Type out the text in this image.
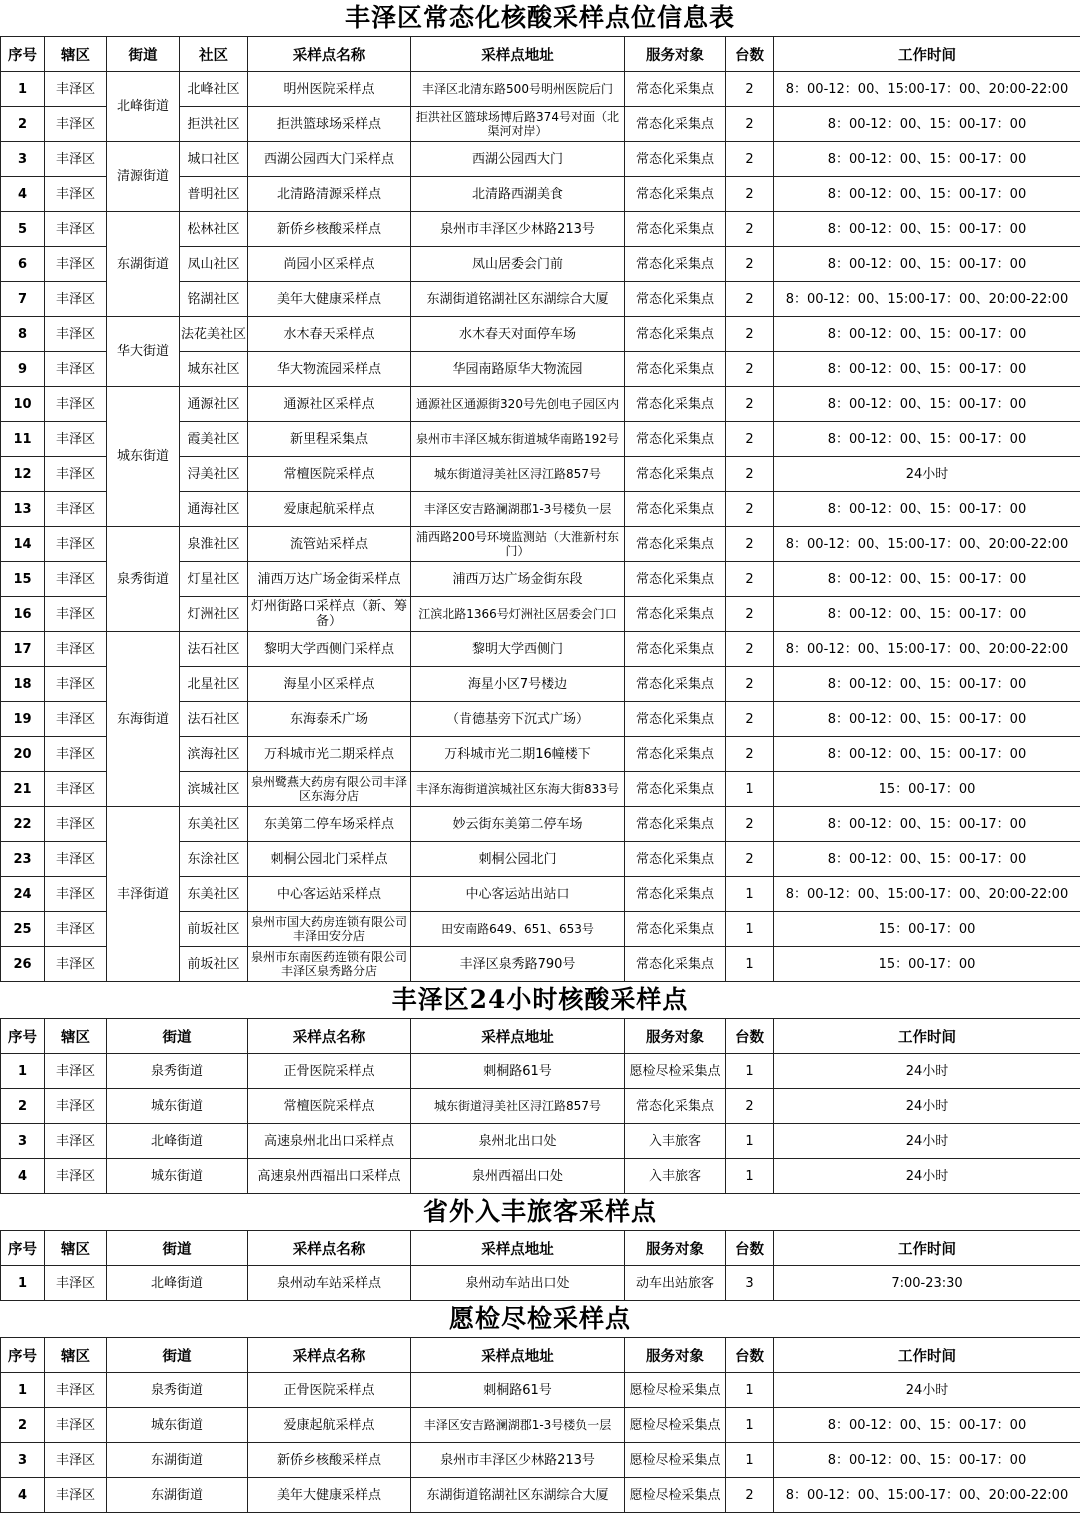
丰泽区常态化核酸采样点位信息表
序号	辖区	街道	社区	采样点名称	采样点地址	服务对象	台数	工作时间
1	丰泽区	北峰街道	北峰社区	明州医院采样点	丰泽区北清东路500号明州医院后门	常态化采集点	2	8：00-12：00、15:00-17：00、20:00-22:00
2	丰泽区		拒洪社区	拒洪篮球场采样点	拒洪社区篮球场博后路374号对面（北渠河对岸）	常态化采集点	2	8：00-12：00、15：00-17：00
3	丰泽区	清源街道	城口社区	西湖公园西大门采样点	西湖公园西大门	常态化采集点	2	8：00-12：00、15：00-17：00
4	丰泽区		普明社区	北清路清源采样点	北清路西湖美食	常态化采集点	2	8：00-12：00、15：00-17：00
5	丰泽区	东湖街道	松林社区	新侨乡核酸采样点	泉州市丰泽区少林路213号	常态化采集点	2	8：00-12：00、15：00-17：00
6	丰泽区		凤山社区	尚园小区采样点	凤山居委会门前	常态化采集点	2	8：00-12：00、15：00-17：00
7	丰泽区		铭湖社区	美年大健康采样点	东湖街道铭湖社区东湖综合大厦	常态化采集点	2	8：00-12：00、15:00-17：00、20:00-22:00
8	丰泽区	华大街道	法花美社区	水木春天采样点	水木春天对面停车场	常态化采集点	2	8：00-12：00、15：00-17：00
9	丰泽区		城东社区	华大物流园采样点	华园南路原华大物流园	常态化采集点	2	8：00-12：00、15：00-17：00
10	丰泽区	城东街道	通源社区	通源社区采样点	通源社区通源街320号先创电子园区内	常态化采集点	2	8：00-12：00、15：00-17：00
11	丰泽区		霞美社区	新里程采集点	泉州市丰泽区城东街道城华南路192号	常态化采集点	2	8：00-12：00、15：00-17：00
12	丰泽区		浔美社区	常檀医院采样点	城东街道浔美社区浔江路857号	常态化采集点	2	24小时
13	丰泽区		通海社区	爱康起航采样点	丰泽区安吉路澜湖郡1-3号楼负一层	常态化采集点	2	8：00-12：00、15：00-17：00
14	丰泽区	泉秀街道	泉淮社区	流管站采样点	浦西路200号环境监测站（大淮新村东门）	常态化采集点	2	8：00-12：00、15:00-17：00、20:00-22:00
15	丰泽区		灯星社区	浦西万达广场金街采样点	浦西万达广场金街东段	常态化采集点	2	8：00-12：00、15：00-17：00
16	丰泽区		灯洲社区	灯州街路口采样点（新、筹备）	江滨北路1366号灯洲社区居委会门口	常态化采集点	2	8：00-12：00、15：00-17：00
17	丰泽区	东海街道	法石社区	黎明大学西侧门采样点	黎明大学西侧门	常态化采集点	2	8：00-12：00、15:00-17：00、20:00-22:00
18	丰泽区		北星社区	海星小区采样点	海星小区7号楼边	常态化采集点	2	8：00-12：00、15：00-17：00
19	丰泽区		法石社区	东海泰禾广场	（肯德基旁下沉式广场）	常态化采集点	2	8：00-12：00、15：00-17：00
20	丰泽区		滨海社区	万科城市光二期采样点	万科城市光二期16幢楼下	常态化采集点	2	8：00-12：00、15：00-17：00
21	丰泽区		滨城社区	泉州鹭燕大药房有限公司丰泽区东海分店	丰泽东海街道滨城社区东海大街833号	常态化采集点	1	15：00-17：00
22	丰泽区	丰泽街道	东美社区	东美第二停车场采样点	妙云街东美第二停车场	常态化采集点	2	8：00-12：00、15：00-17：00
23	丰泽区		东涂社区	刺桐公园北门采样点	刺桐公园北门	常态化采集点	2	8：00-12：00、15：00-17：00
24	丰泽区		东美社区	中心客运站采样点	中心客运站出站口	常态化采集点	1	8：00-12：00、15:00-17：00、20:00-22:00
25	丰泽区		前坂社区	泉州市国大药房连锁有限公司丰泽田安分店	田安南路649、651、653号	常态化采集点	1	15：00-17：00
26	丰泽区		前坂社区	泉州市东南医药连锁有限公司丰泽区泉秀路分店	丰泽区泉秀路790号	常态化采集点	1	15：00-17：00
丰泽区24小时核酸采样点
序号	辖区	街道	采样点名称	采样点地址	服务对象	台数	工作时间
1	丰泽区	泉秀街道	正骨医院采样点	刺桐路61号	愿检尽检采集点	1	24小时
2	丰泽区	城东街道	常檀医院采样点	城东街道浔美社区浔江路857号	常态化采集点	2	24小时
3	丰泽区	北峰街道	高速泉州北出口采样点	泉州北出口处	入丰旅客	1	24小时
4	丰泽区	城东街道	高速泉州西福出口采样点	泉州西福出口处	入丰旅客	1	24小时
省外入丰旅客采样点
序号	辖区	街道	采样点名称	采样点地址	服务对象	台数	工作时间
1	丰泽区	北峰街道	泉州动车站采样点	泉州动车站出口处	动车出站旅客	3	7:00-23:30
愿检尽检采样点
序号	辖区	街道	采样点名称	采样点地址	服务对象	台数	工作时间
1	丰泽区	泉秀街道	正骨医院采样点	刺桐路61号	愿检尽检采集点	1	24小时
2	丰泽区	城东街道	爱康起航采样点	丰泽区安吉路澜湖郡1-3号楼负一层	愿检尽检采集点	1	8：00-12：00、15：00-17：00
3	丰泽区	东湖街道	新侨乡核酸采样点	泉州市丰泽区少林路213号	愿检尽检采集点	1	8：00-12：00、15：00-17：00
4	丰泽区	东湖街道	美年大健康采样点	东湖街道铭湖社区东湖综合大厦	愿检尽检采集点	2	8：00-12：00、15:00-17：00、20:00-22:00
